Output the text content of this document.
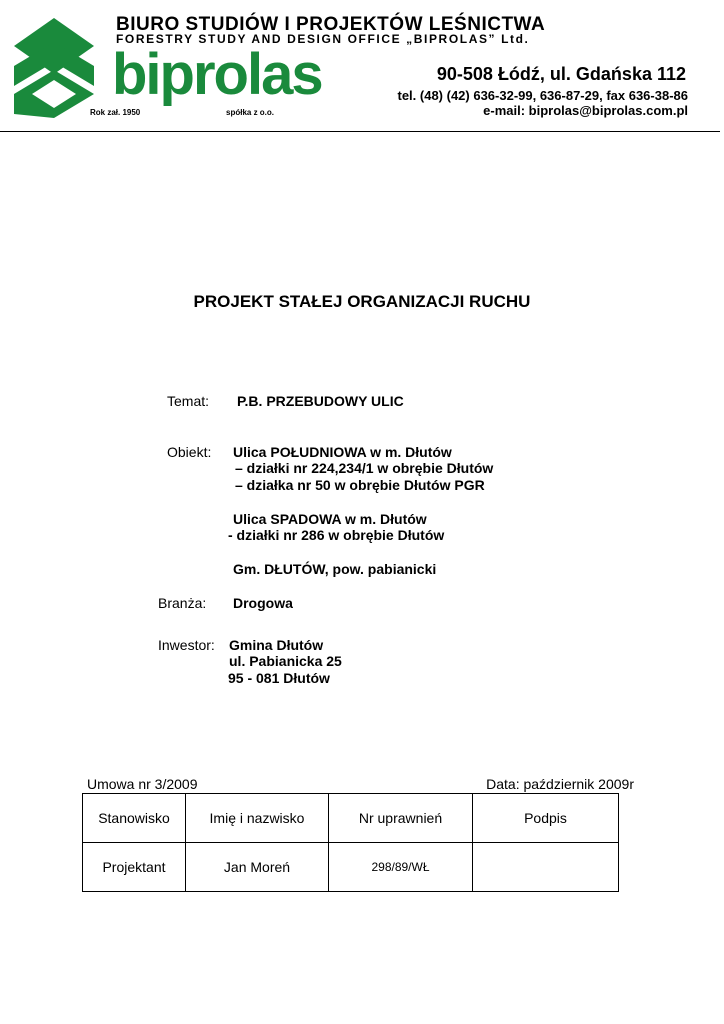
biprolas
Rok zał. 1950	spółka z o.o.
BIURO STUDIÓW I PROJEKTÓW LEŚNICTWA
FORESTRY STUDY AND DESIGN OFFICE „BIPROLAS” Ltd.
90-508 Łódź, ul. Gdańska 112
tel. (48) (42) 636-32-99, 636-87-29, fax 636-38-86
e-mail: biprolas@biprolas.com.pl
PROJEKT STAŁEJ ORGANIZACJI RUCHU
Temat: P.B. PRZEBUDOWY ULIC
Obiekt: Ulica POŁUDNIOWA w m. Dłutów
– działki nr 224,234/1 w obrębie Dłutów
– działka nr 50 w obrębie Dłutów PGR
Ulica SPADOWA w m. Dłutów
- działki nr 286 w obrębie Dłutów
Gm. DŁUTÓW, pow. pabianicki
Branża: Drogowa
Inwestor: Gmina Dłutów
ul. Pabianicka 25
95 - 081 Dłutów
Umowa nr 3/2009	Data: październik 2009r
Stanowisko	Imię i nazwisko	Nr uprawnień	Podpis
Projektant	Jan Moreń	298/89/WŁ	
